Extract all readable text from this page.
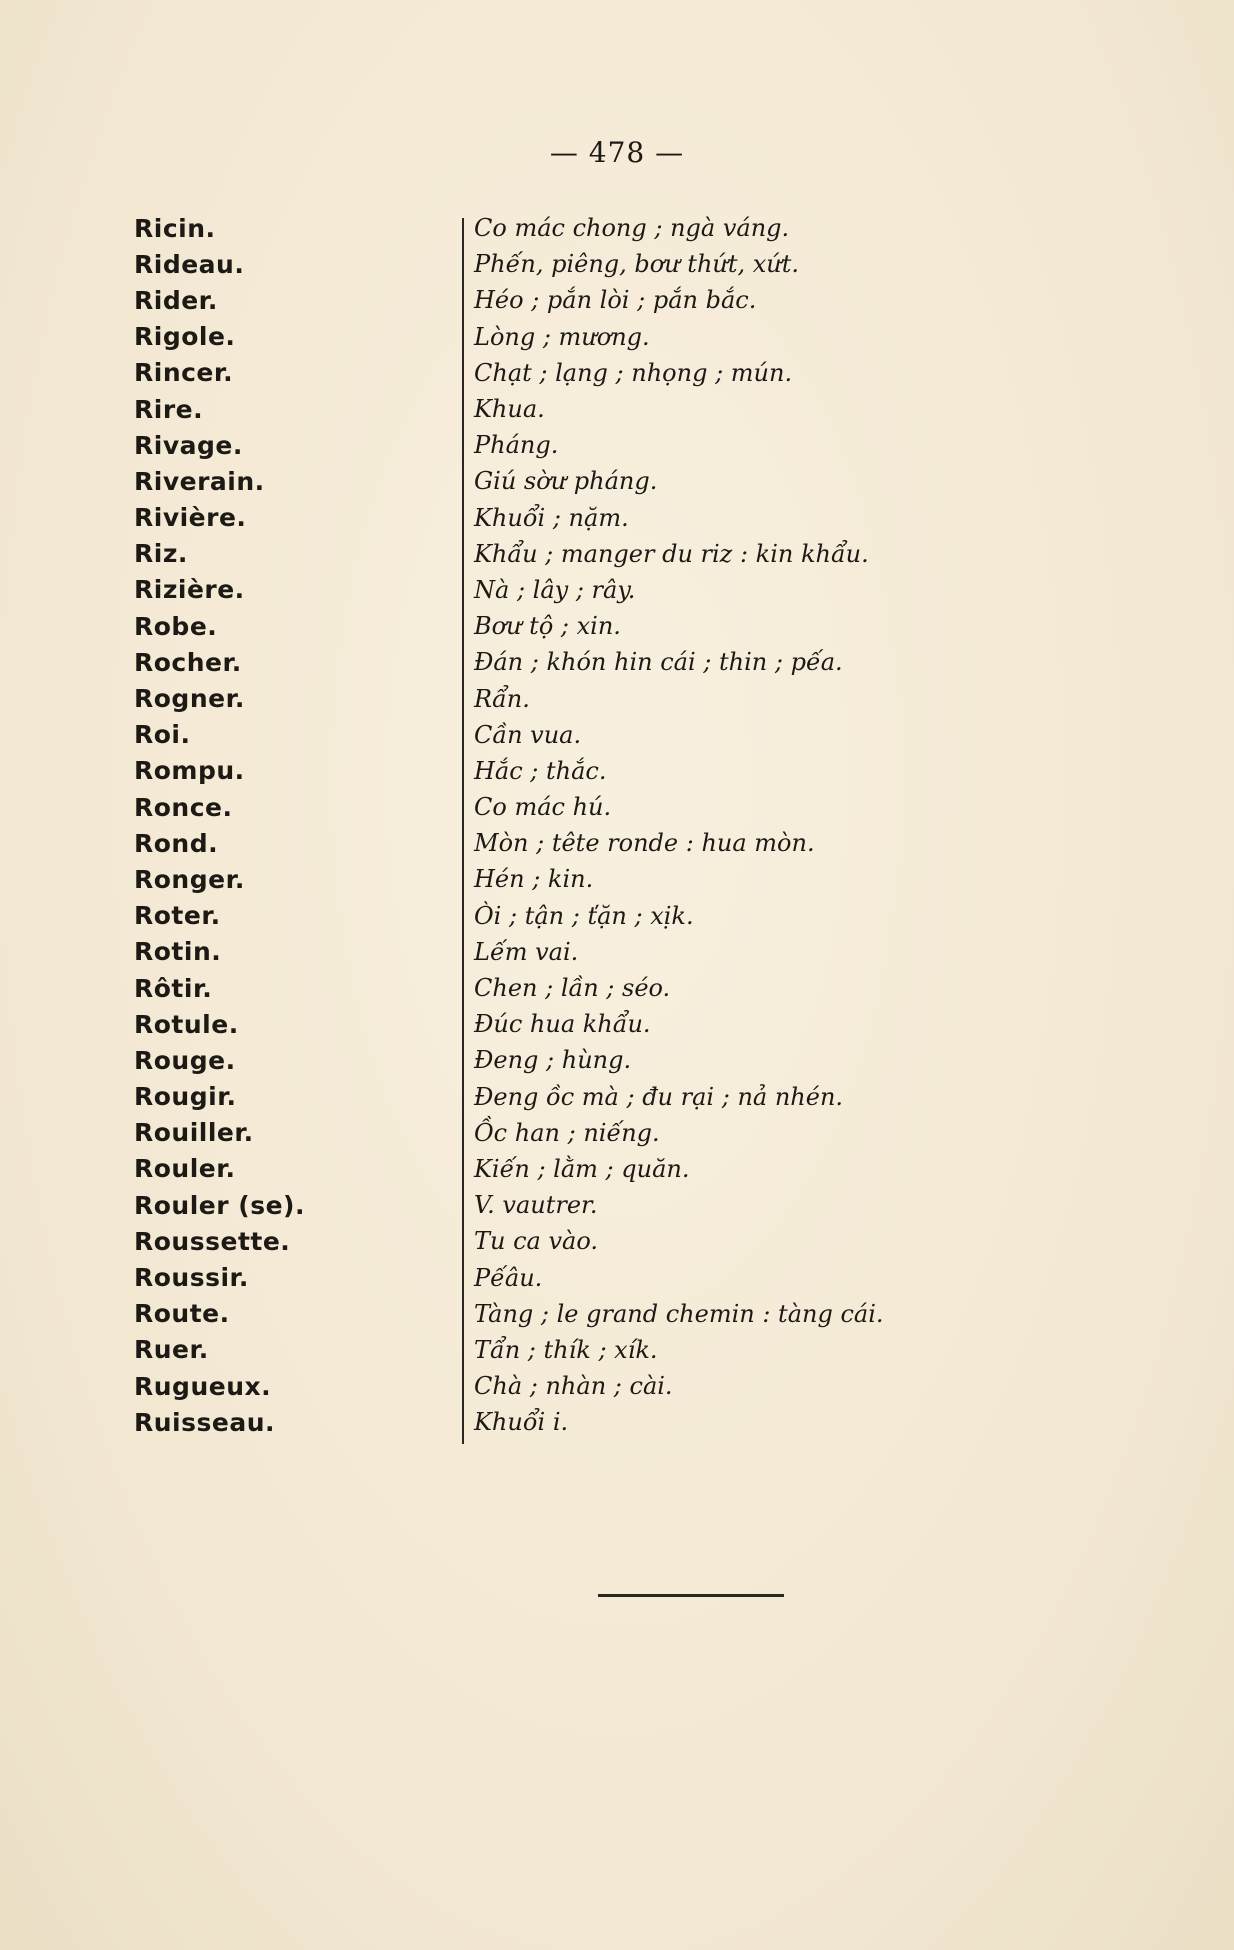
— 478 —
Ricin.	Co mác chong ; ngà váng.
Rideau.	Phến, piêng, bơư thứt, xứt.
Rider.	Héo ; pắn lòi ; pắn bắc.
Rigole.	Lòng ; mương.
Rincer.	Chạt ; lạng ; nhọng ; mún.
Rire.	Khua.
Rivage.	Pháng.
Riverain.	Giú sờư pháng.
Rivière.	Khuổi ; nặm.
Riz.	Khẩu ; manger du riz : kin khẩu.
Rizière.	Nà ; lây ; rây.
Robe.	Bơư tộ ; xin.
Rocher.	Đán ; khón hin cái ; thin ; pếa.
Rogner.	Rẩn.
Roi.	Cần vua.
Rompu.	Hắc ; thắc.
Ronce.	Co mác hú.
Rond.	Mòn ; tête ronde : hua mòn.
Ronger.	Hén ; kin.
Roter.	Òi ; tận ; ťặn ; xịk.
Rotin.	Lếm vai.
Rôtir.	Chen ; lần ; séo.
Rotule.	Đúc hua khẩu.
Rouge.	Đeng ; hùng.
Rougir.	Đeng ồc mà ; đu rại ; nả nhén.
Rouiller.	Ồc han ; niếng.
Rouler.	Kiến ; lằm ; quăn.
Rouler (se).	V. vautrer.
Roussette.	Tu ca vào.
Roussir.	Pếâu.
Route.	Tàng ; le grand chemin : tàng cái.
Ruer.	Tẩn ; thík ; xík.
Rugueux.	Chà ; nhàn ; cài.
Ruisseau.	Khuổi i.
